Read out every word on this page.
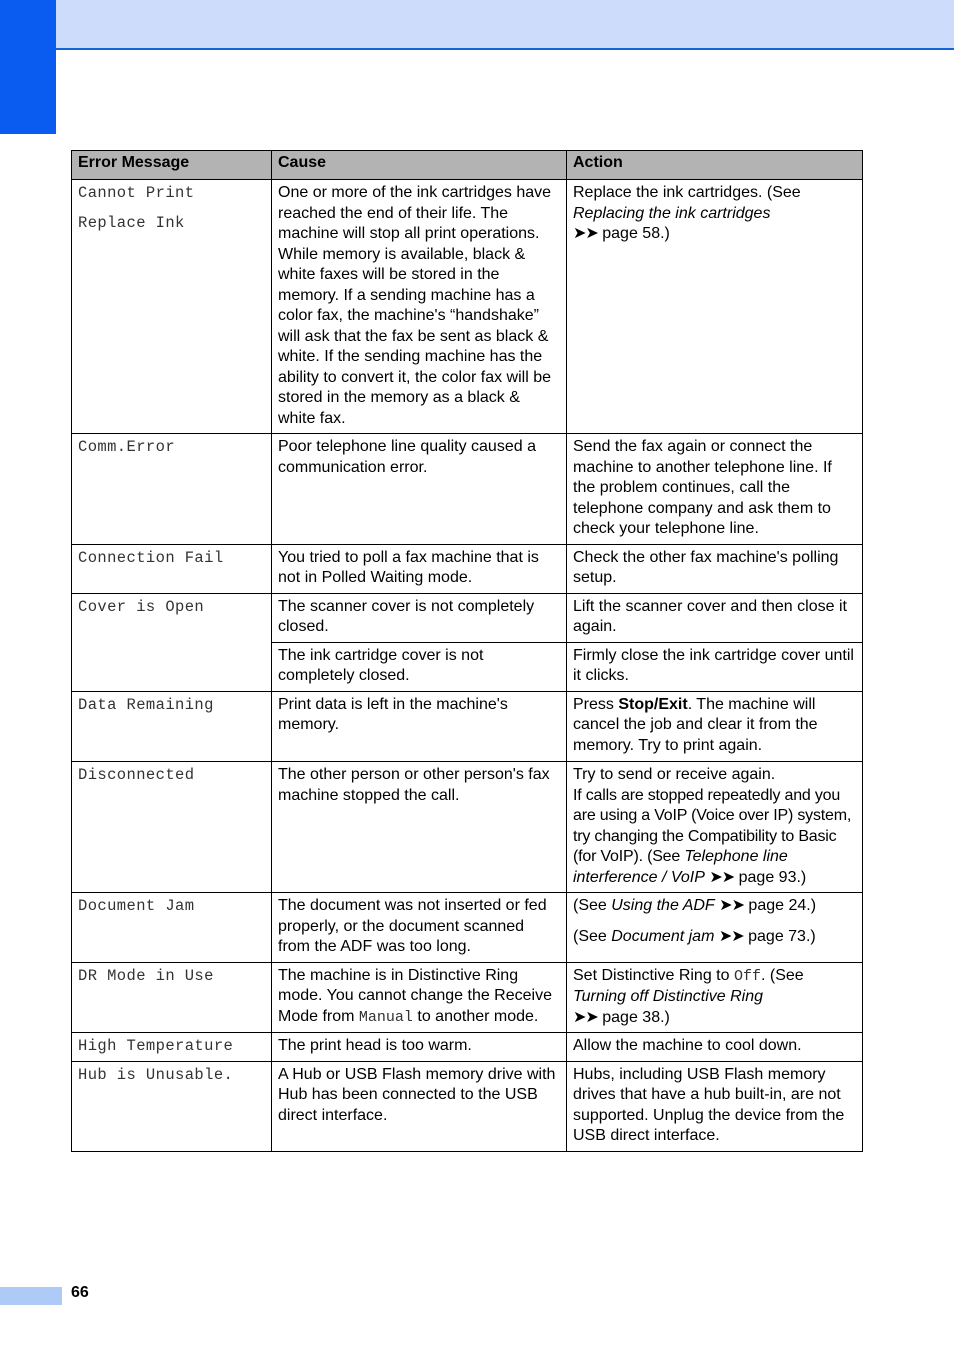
Error Message	Cause	Action
Cannot Print
Replace Ink	One or more of the ink cartridges have reached the end of their life. The machine will stop all print operations. While memory is available, black & white faxes will be stored in the memory. If a sending machine has a color fax, the machine's “handshake” will ask that the fax be sent as black & white. If the sending machine has the ability to convert it, the color fax will be stored in the memory as a black & white fax.	Replace the ink cartridges. (See Replacing the ink cartridges
➤➤ page 58.)
Comm.Error	Poor telephone line quality caused a communication error.	Send the fax again or connect the machine to another telephone line. If the problem continues, call the telephone company and ask them to check your telephone line.
Connection Fail	You tried to poll a fax machine that is not in Polled Waiting mode.	Check the other fax machine's polling setup.
Cover is Open	The scanner cover is not completely closed.	Lift the scanner cover and then close it again.
	The ink cartridge cover is not completely closed.	Firmly close the ink cartridge cover until it clicks.
Data Remaining	Print data is left in the machine's memory.	Press Stop/Exit. The machine will cancel the job and clear it from the memory. Try to print again.
Disconnected	The other person or other person's fax machine stopped the call.	Try to send or receive again.
If calls are stopped repeatedly and you are using a VoIP (Voice over IP) system, try changing the Compatibility to Basic (for VoIP). (See Telephone line interference / VoIP ➤➤ page 93.)
Document Jam	The document was not inserted or fed properly, or the document scanned from the ADF was too long.	(See Using the ADF ➤➤ page 24.)
(See Document jam ➤➤ page 73.)

DR Mode in Use	The machine is in Distinctive Ring mode. You cannot change the Receive Mode from Manual to another mode.	Set Distinctive Ring to Off. (See
Turning off Distinctive Ring
➤➤ page 38.)
High Temperature	The print head is too warm.	Allow the machine to cool down.
Hub is Unusable.	A Hub or USB Flash memory drive with Hub has been connected to the USB direct interface.	Hubs, including USB Flash memory drives that have a hub built-in, are not supported. Unplug the device from the USB direct interface.
66
